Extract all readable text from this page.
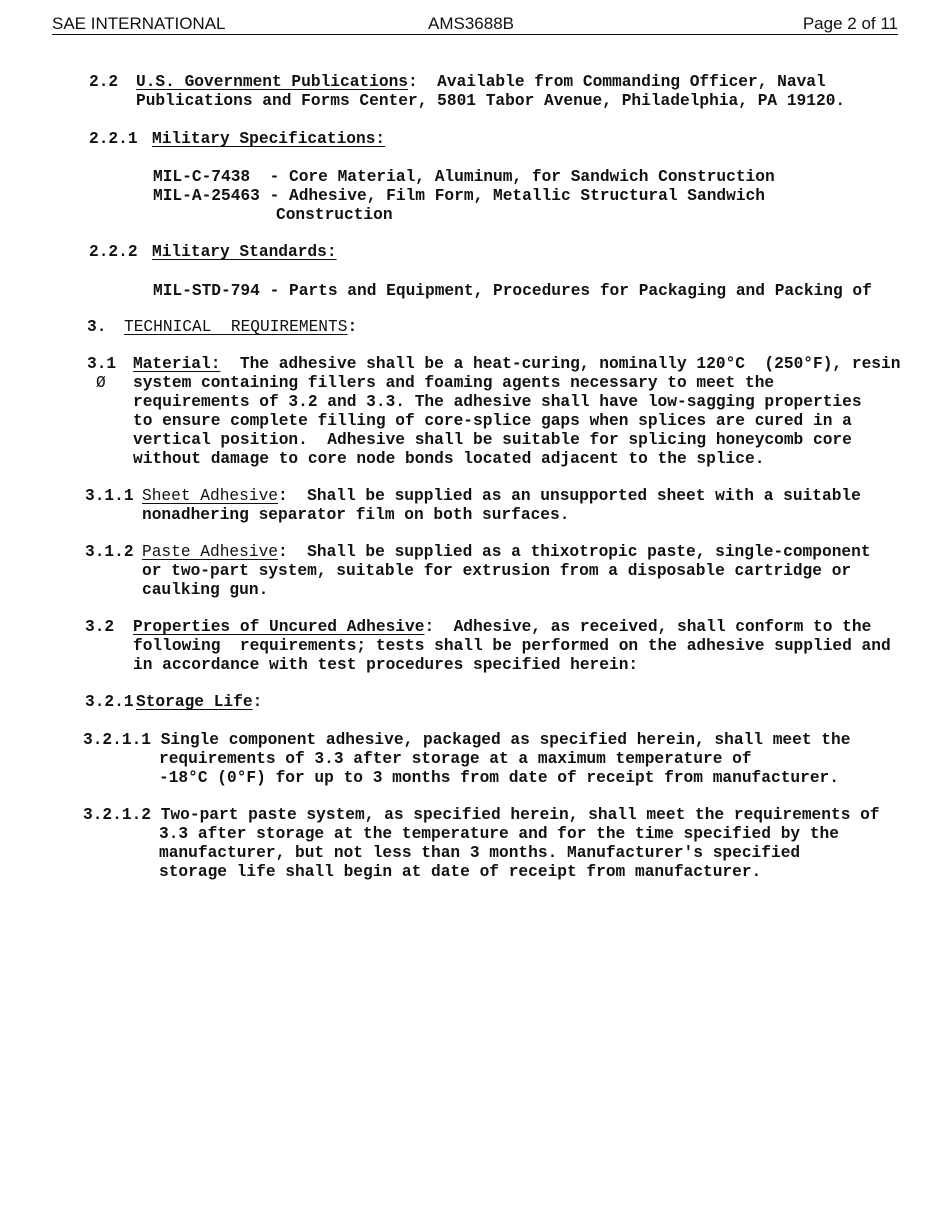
SAE INTERNATIONAL	AMS3688B	Page 2 of 11
2.2 U.S. Government Publications:  Available from Commanding Officer, Naval
Publications and Forms Center, 5801 Tabor Avenue, Philadelphia, PA 19120.
2.2.1 Military Specifications:
MIL-C-7438  - Core Material, Aluminum, for Sandwich Construction
MIL-A-25463 - Adhesive, Film Form, Metallic Structural Sandwich
Construction
2.2.2 Military Standards:
MIL-STD-794 - Parts and Equipment, Procedures for Packaging and Packing of
3. TECHNICAL  REQUIREMENTS:
3.1
Ø
Material:  The adhesive shall be a heat-curing, nominally 120°C  (250°F), resin
system containing fillers and foaming agents necessary to meet the
requirements of 3.2 and 3.3. The adhesive shall have low-sagging properties
to ensure complete filling of core-splice gaps when splices are cured in a
vertical position.  Adhesive shall be suitable for splicing honeycomb core
without damage to core node bonds located adjacent to the splice.
3.1.1 Sheet Adhesive:  Shall be supplied as an unsupported sheet with a suitable
nonadhering separator film on both surfaces.
3.1.2 Paste Adhesive:  Shall be supplied as a thixotropic paste, single-component
or two-part system, suitable for extrusion from a disposable cartridge or
caulking gun.
3.2 Properties of Uncured Adhesive:  Adhesive, as received, shall conform to the
following  requirements; tests shall be performed on the adhesive supplied and
in accordance with test procedures specified herein:
3.2.1 Storage Life:
3.2.1.1 Single component adhesive, packaged as specified herein, shall meet the
requirements of 3.3 after storage at a maximum temperature of
-18°C (0°F) for up to 3 months from date of receipt from manufacturer.
3.2.1.2 Two-part paste system, as specified herein, shall meet the requirements of
3.3 after storage at the temperature and for the time specified by the
manufacturer, but not less than 3 months. Manufacturer's specified
storage life shall begin at date of receipt from manufacturer.
